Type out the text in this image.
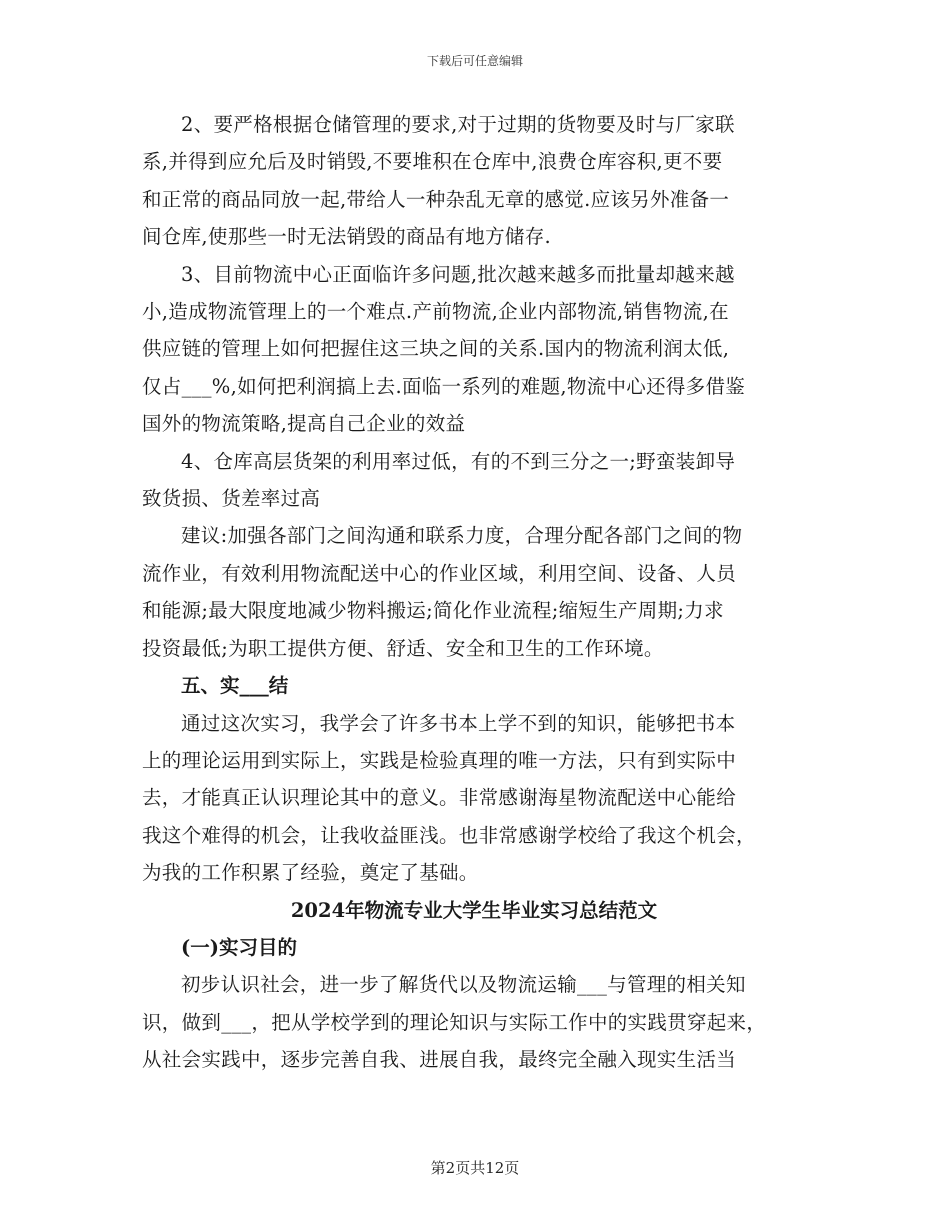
下载后可任意编辑
2、要严格根据仓储管理的要求,对于过期的货物要及时与厂家联
系,并得到应允后及时销毁,不要堆积在仓库中,浪费仓库容积,更不要
和正常的商品同放一起,带给人一种杂乱无章的感觉.应该另外准备一
间仓库,使那些一时无法销毁的商品有地方储存.
3、目前物流中心正面临许多问题,批次越来越多而批量却越来越
小,造成物流管理上的一个难点.产前物流,企业内部物流,销售物流,在
供应链的管理上如何把握住这三块之间的关系.国内的物流利润太低,
仅占___%,如何把利润搞上去.面临一系列的难题,物流中心还得多借鉴
国外的物流策略,提高自己企业的效益
4、仓库高层货架的利用率过低，有的不到三分之一;野蛮装卸导
致货损、货差率过高
建议:加强各部门之间沟通和联系力度，合理分配各部门之间的物
流作业，有效利用物流配送中心的作业区域，利用空间、设备、人员
和能源;最大限度地减少物料搬运;简化作业流程;缩短生产周期;力求
投资最低;为职工提供方便、舒适、安全和卫生的工作环境。
五、实___结
通过这次实习，我学会了许多书本上学不到的知识，能够把书本
上的理论运用到实际上，实践是检验真理的唯一方法，只有到实际中
去，才能真正认识理论其中的意义。非常感谢海星物流配送中心能给
我这个难得的机会，让我收益匪浅。也非常感谢学校给了我这个机会，
为我的工作积累了经验，奠定了基础。
2024年物流专业大学生毕业实习总结范文
(一)实习目的
初步认识社会，进一步了解货代以及物流运输___与管理的相关知
识，做到___，把从学校学到的理论知识与实际工作中的实践贯穿起来，
从社会实践中，逐步完善自我、进展自我，最终完全融入现实生活当
第2页共12页
